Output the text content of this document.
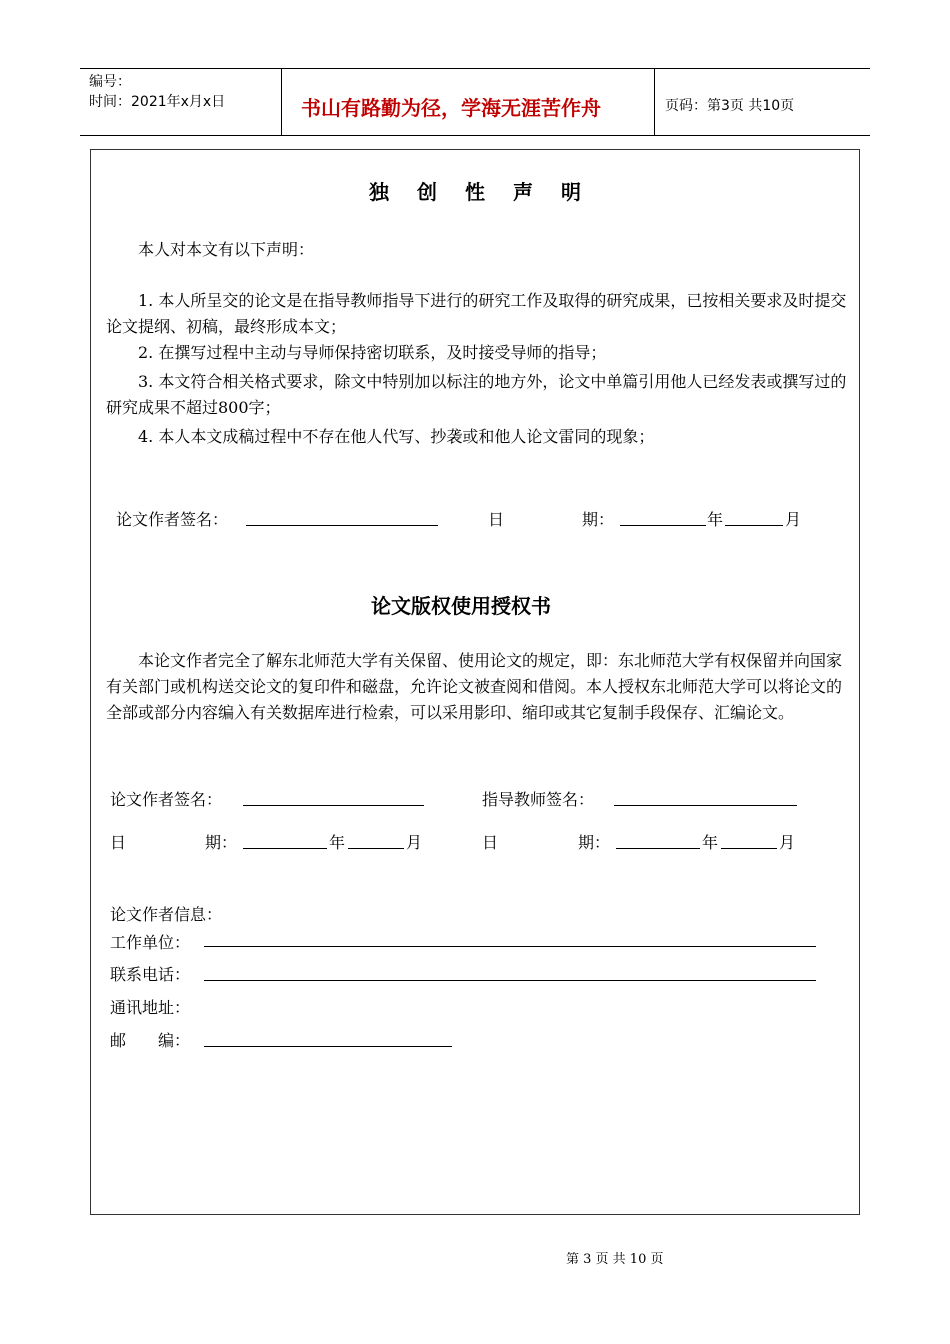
编号：
时间：2021年x月x日	书山有路勤为径，学海无涯苦作舟	页码：第3页 共10页
独创性声明
本人对本文有以下声明：
1. 本人所呈交的论文是在指导教师指导下进行的研究工作及取得的研究成果，已按相关要求及时提交论文提纲、初稿，最终形成本文；
2. 在撰写过程中主动与导师保持密切联系，及时接受导师的指导；
3. 本文符合相关格式要求，除文中特别加以标注的地方外，论文中单篇引用他人已经发表或撰写过的研究成果不超过800字；
4. 本人本文成稿过程中不存在他人代写、抄袭或和他人论文雷同的现象；
论文作者签名：	日	期：	年	月
论文版权使用授权书
本论文作者完全了解东北师范大学有关保留、使用论文的规定，即：东北师范大学有权保留并向国家有关部门或机构送交论文的复印件和磁盘，允许论文被查阅和借阅。本人授权东北师范大学可以将论文的全部或部分内容编入有关数据库进行检索，可以采用影印、缩印或其它复制手段保存、汇编论文。
论文作者签名：	指导教师签名：
日	期：	年	月	日	期：	年	月
论文作者信息：
工作单位：
联系电话：
通讯地址：
邮　　编：
第 3 页 共 10 页
